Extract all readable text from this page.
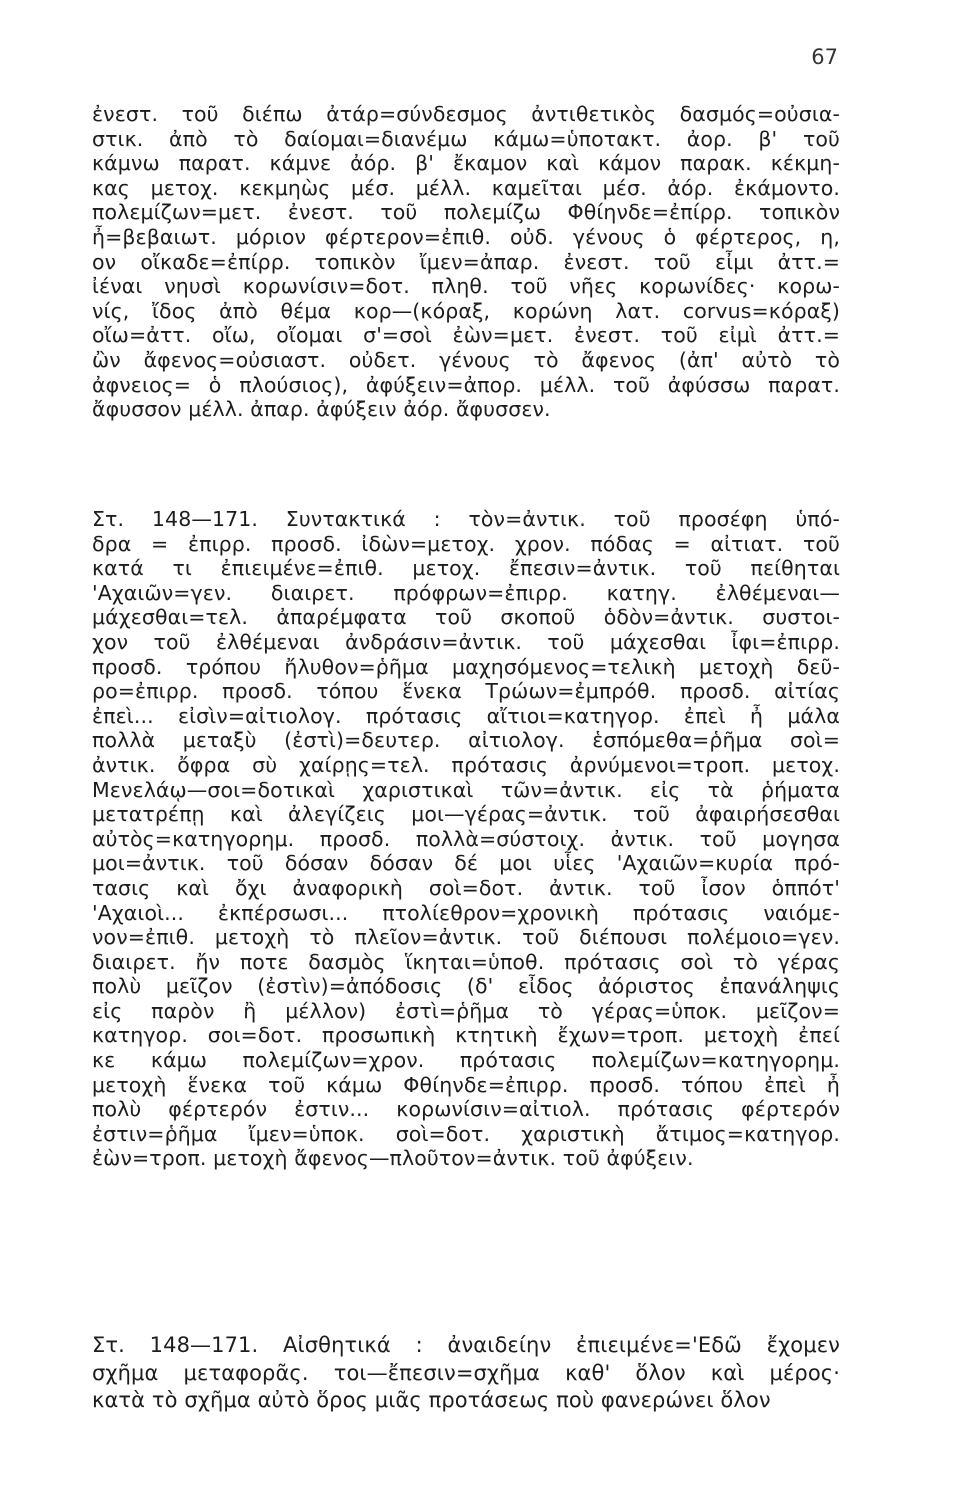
67
ἐνεστ. τοῦ διέπω ἀτάρ=σύνδεσμος ἀντιθετικὸς δασμός=οὐσια-
στικ. ἀπὸ τὸ δαίομαι=διανέμω κάμω=ὑποτακτ. ἀορ. β' τοῦ
κάμνω παρατ. κάμνε ἀόρ. β' ἔκαμον καὶ κάμον παρακ. κέκμη-
κας μετοχ. κεκμηὼς μέσ. μέλλ. καμεῖται μέσ. ἀόρ. ἐκάμοντο.
πολεμίζων=μετ. ἐνεστ. τοῦ πολεμίζω Φθίηνδε=ἐπίρρ. τοπικὸν
ἦ=βεβαιωτ. μόριον φέρτερον=ἐπιθ. οὐδ. γένους ὁ φέρτερος, η,
ον οἴκαδε=ἐπίρρ. τοπικὸν ἴμεν=ἀπαρ. ἐνεστ. τοῦ εἶμι ἀττ.=
ἰέναι νηυσὶ κορωνίσιν=δοτ. πληθ. τοῦ νῆες κορωνίδες· κορω-
νίς, ἴδος ἀπὸ θέμα κορ—(κόραξ, κορώνη λατ. corvus=κόραξ)
οἴω=ἀττ. οἴω, οἴομαι σ'=σοὶ ἐὼν=μετ. ἐνεστ. τοῦ εἰμὶ ἀττ.=
ὢν ἄφενος=οὐσιαστ. οὐδετ. γένους τὸ ἄφενος (ἀπ' αὐτὸ τὸ
ἀφνειος= ὁ πλούσιος), ἀφύξειν=ἀπορ. μέλλ. τοῦ ἀφύσσω παρατ.
ἄφυσσον μέλλ. ἀπαρ. ἀφύξειν ἀόρ. ἄφυσσεν.
Στ. 148—171. Συντακτικά : τὸν=ἀντικ. τοῦ προσέφη ὑπό-
δρα = ἐπιρρ. προσδ. ἰδὼν=μετοχ. χρον. πόδας = αἰτιατ. τοῦ
κατά τι ἐπιειμένε=ἐπιθ. μετοχ. ἔπεσιν=ἀντικ. τοῦ πείθηται
'Αχαιῶν=γεν. διαιρετ. πρόφρων=ἐπιρρ. κατηγ. ἐλθέμεναι—
μάχεσθαι=τελ. ἀπαρέμφατα τοῦ σκοποῦ ὁδὸν=ἀντικ. συστοι-
χον τοῦ ἐλθέμεναι ἀνδράσιν=ἀντικ. τοῦ μάχεσθαι ἶφι=ἐπιρρ.
προσδ. τρόπου ἤλυθον=ῥῆμα μαχησόμενος=τελικὴ μετοχὴ δεῦ-
ρο=ἐπιρρ. προσδ. τόπου ἕνεκα Τρώων=ἐμπρόθ. προσδ. αἰτίας
ἐπεὶ... εἰσὶν=αἰτιολογ. πρότασις αἴτιοι=κατηγορ. ἐπεὶ ἦ μάλα
πολλὰ μεταξὺ (ἐστὶ)=δευτερ. αἰτιολογ. ἑσπόμεθα=ῥῆμα σοὶ=
ἀντικ. ὄφρα σὺ χαίρῃς=τελ. πρότασις ἀρνύμενοι=τροπ. μετοχ.
Μενελάῳ—σοι=δοτικαὶ χαριστικαὶ τῶν=ἀντικ. εἰς τὰ ῥήματα
μετατρέπῃ καὶ ἀλεγίζεις μοι—γέρας=ἀντικ. τοῦ ἀφαιρήσεσθαι
αὐτὸς=κατηγορημ. προσδ. πολλὰ=σύστοιχ. ἀντικ. τοῦ μογησα
μοι=ἀντικ. τοῦ δόσαν δόσαν δέ μοι υἷες 'Αχαιῶν=κυρία πρό-
τασις καὶ ὄχι ἀναφορικὴ σοὶ=δοτ. ἀντικ. τοῦ ἶσον ὁππότ'
'Αχαιοὶ... ἐκπέρσωσι... πτολίεθρον=χρονικὴ πρότασις ναιόμε-
νον=ἐπιθ. μετοχὴ τὸ πλεῖον=ἀντικ. τοῦ διέπουσι πολέμοιο=γεν.
διαιρετ. ἤν ποτε δασμὸς ἵκηται=ὑποθ. πρότασις σοὶ τὸ γέρας
πολὺ μεῖζον (ἐστὶν)=ἀπόδοσις (δ' εἶδος ἀόριστος ἐπανάληψις
εἰς παρὸν ἢ μέλλον) ἐστὶ=ῥῆμα τὸ γέρας=ὑποκ. μεῖζον=
κατηγορ. σοι=δοτ. προσωπικὴ κτητικὴ ἔχων=τροπ. μετοχὴ ἐπεί
κε κάμω πολεμίζων=χρον. πρότασις πολεμίζων=κατηγορημ.
μετοχὴ ἕνεκα τοῦ κάμω Φθίηνδε=ἐπιρρ. προσδ. τόπου ἐπεὶ ἦ
πολὺ φέρτερόν ἐστιν... κορωνίσιν=αἰτιολ. πρότασις φέρτερόν
ἐστιν=ῥῆμα ἴμεν=ὑποκ. σοὶ=δοτ. χαριστικὴ ἄτιμος=κατηγορ.
ἐὼν=τροπ. μετοχὴ ἄφενος—πλοῦτον=ἀντικ. τοῦ ἀφύξειν.
Στ. 148—171. Αἰσθητικά : ἀναιδείην ἐπιειμένε='Εδῶ ἔχομεν
σχῆμα μεταφορᾶς. τοι—ἔπεσιν=σχῆμα καθ' ὅλον καὶ μέρος·
κατὰ τὸ σχῆμα αὐτὸ ὅρος μιᾶς προτάσεως ποὺ φανερώνει ὅλον
